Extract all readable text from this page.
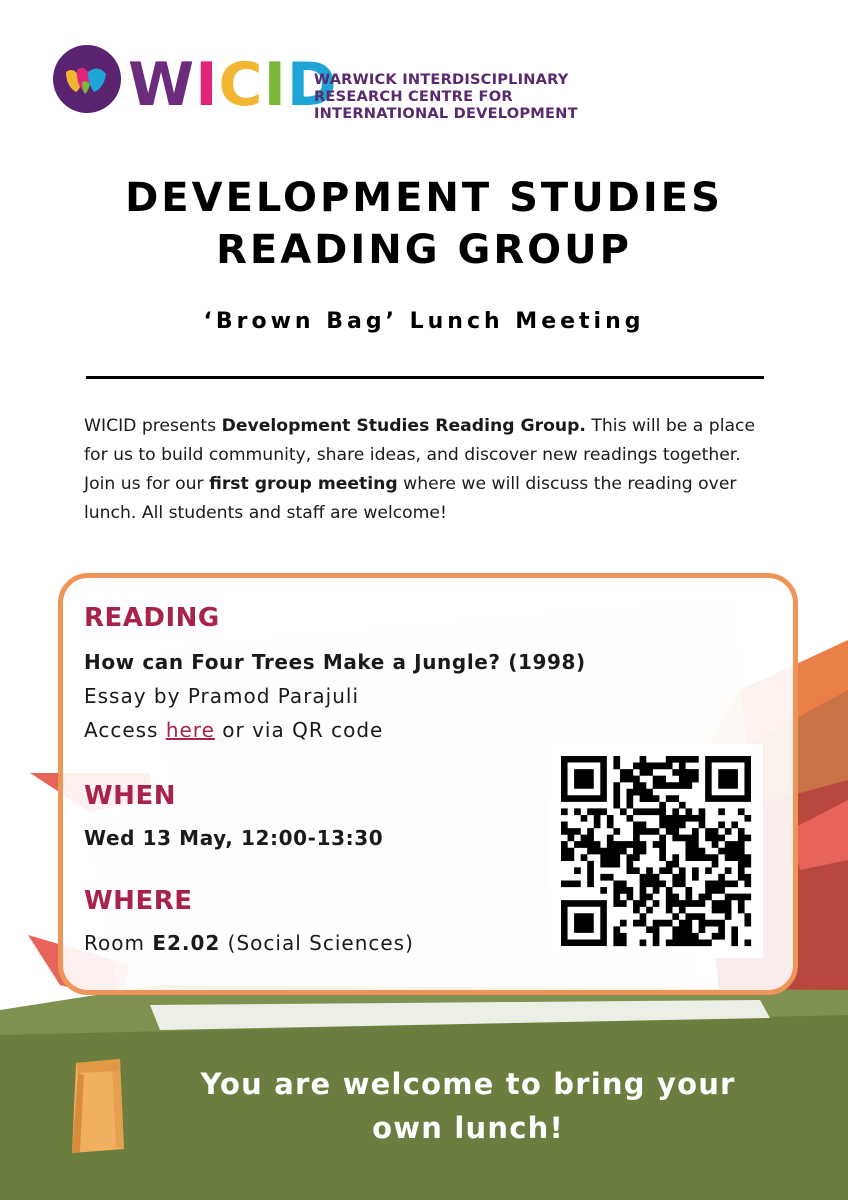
WICID
WARWICK INTERDISCIPLINARY
RESEARCH CENTRE FOR
INTERNATIONAL DEVELOPMENT
DEVELOPMENT STUDIES
READING GROUP
‘Brown Bag’ Lunch Meeting
WICID presents Development Studies Reading Group. This will be a place for us to build community, share ideas, and discover new readings together. Join us for our first group meeting where we will discuss the reading over lunch. All students and staff are welcome!
READING
How can Four Trees Make a Jungle? (1998)
Essay by Pramod Parajuli
Access here or via QR code
WHEN
Wed 13 May, 12:00-13:30
WHERE
Room E2.02 (Social Sciences)
You are welcome to bring your
own lunch!
